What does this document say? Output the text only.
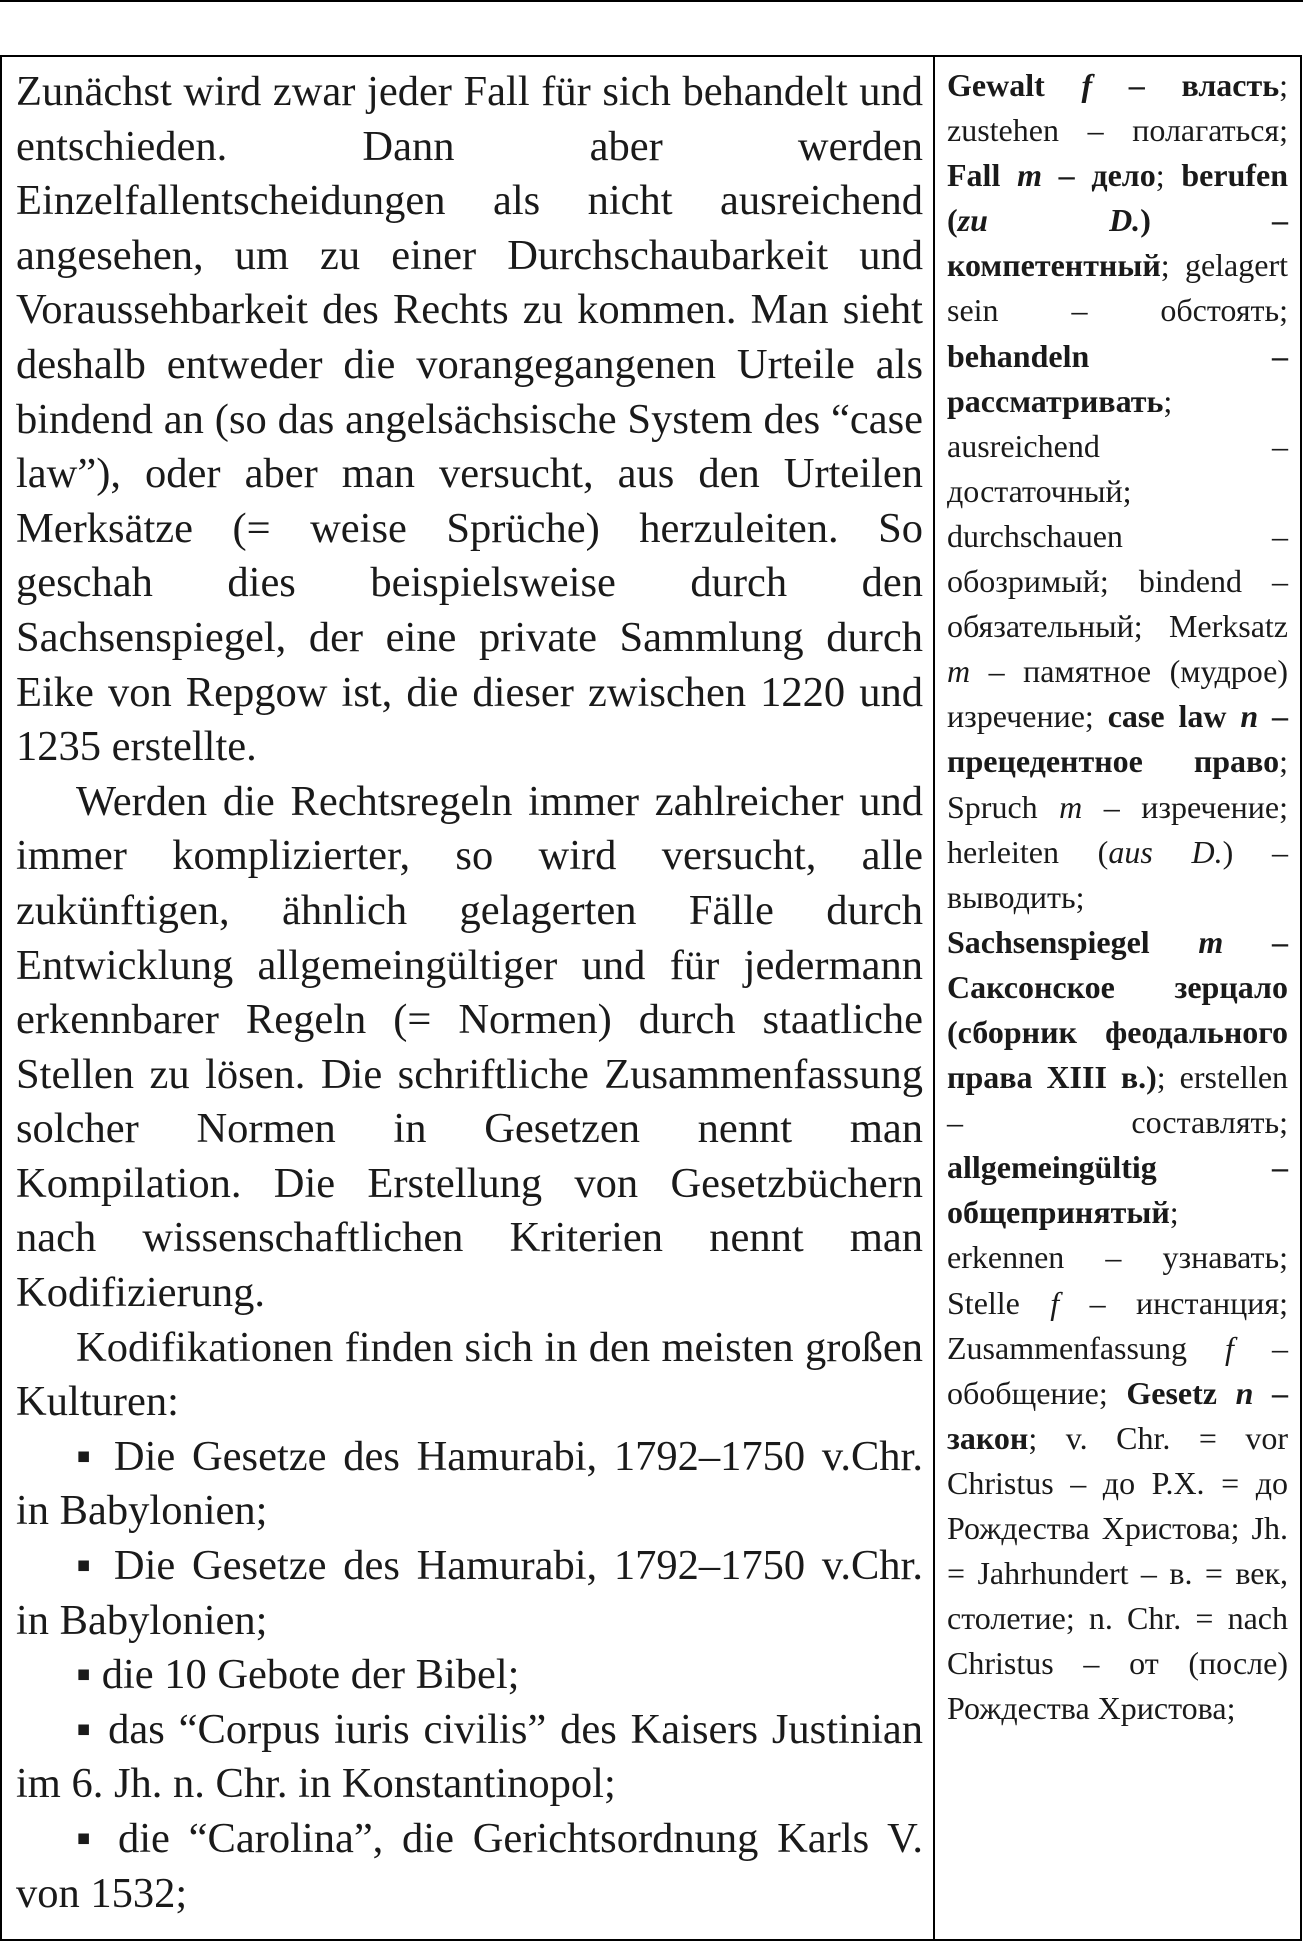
Zunächst wird zwar jeder Fall für sich behandelt und entschieden. Dann aber werden Einzelfallentscheidungen als nicht ausreichend angesehen, um zu einer Durchschaubarkeit und Voraussehbarkeit des Rechts zu kommen. Man sieht deshalb entweder die vorangegangenen Urteile als bindend an (so das angelsächsische System des “case law”), oder aber man versucht, aus den Urteilen Merksätze (= weise Sprüche) herzuleiten. So geschah dies beispielsweise durch den Sachsenspiegel, der eine private Sammlung durch Eike von Repgow ist, die dieser zwischen 1220 und 1235 erstellte.

Werden die Rechtsregeln immer zahlreicher und immer komplizierter, so wird versucht, alle zukünftigen, ähnlich gelagerten Fälle durch Entwicklung allgemeingültiger und für jedermann erkennbarer Regeln (= Normen) durch staatliche Stellen zu lösen. Die schriftliche Zusammenfassung solcher Normen in Gesetzen nennt man Kompilation. Die Erstellung von Gesetzbüchern nach wissenschaftlichen Kriterien nennt man Kodifizierung.

Kodifikationen finden sich in den meisten großen Kulturen:

▪ Die Gesetze des Hamurabi, 1792–1750 v.Chr. in Babylonien;

▪ Die Gesetze des Hamurabi, 1792–1750 v.Chr. in Babylonien;

▪ die 10 Gebote der Bibel;

▪ das “Corpus iuris civilis” des Kaisers Justinian im 6. Jh. n. Chr. in Konstantinopol;

▪ die “Carolina”, die Gerichtsordnung Karls V. von 1532;

Gewalt f – власть; zustehen – полагаться; Fall m – дело; berufen (zu D.) – компетентный; gelagert sein – обстоять; behandeln – рассматривать; ausreichend – достаточный; durchschauen – обозримый; bindend – обязательный; Merksatz m – памятное (мудрое) изречение; case law n – прецедентное право; Spruch m – изречение; herleiten (aus D.) – выводить; Sachsenspiegel m – Саксонское зерцало (сборник феодального права XIII в.); erstellen – составлять; allgemeingültig – общепринятый; erkennen – узнавать; Stelle f – инстанция; Zusammenfassung f – обобщение; Gesetz n – закон; v. Chr. = vor Christus – до Р.Х. = до Рождества Христова; Jh. = Jahrhundert – в. = век, столетие; n. Chr. = nach Christus – от (после) Рождества Христова;
